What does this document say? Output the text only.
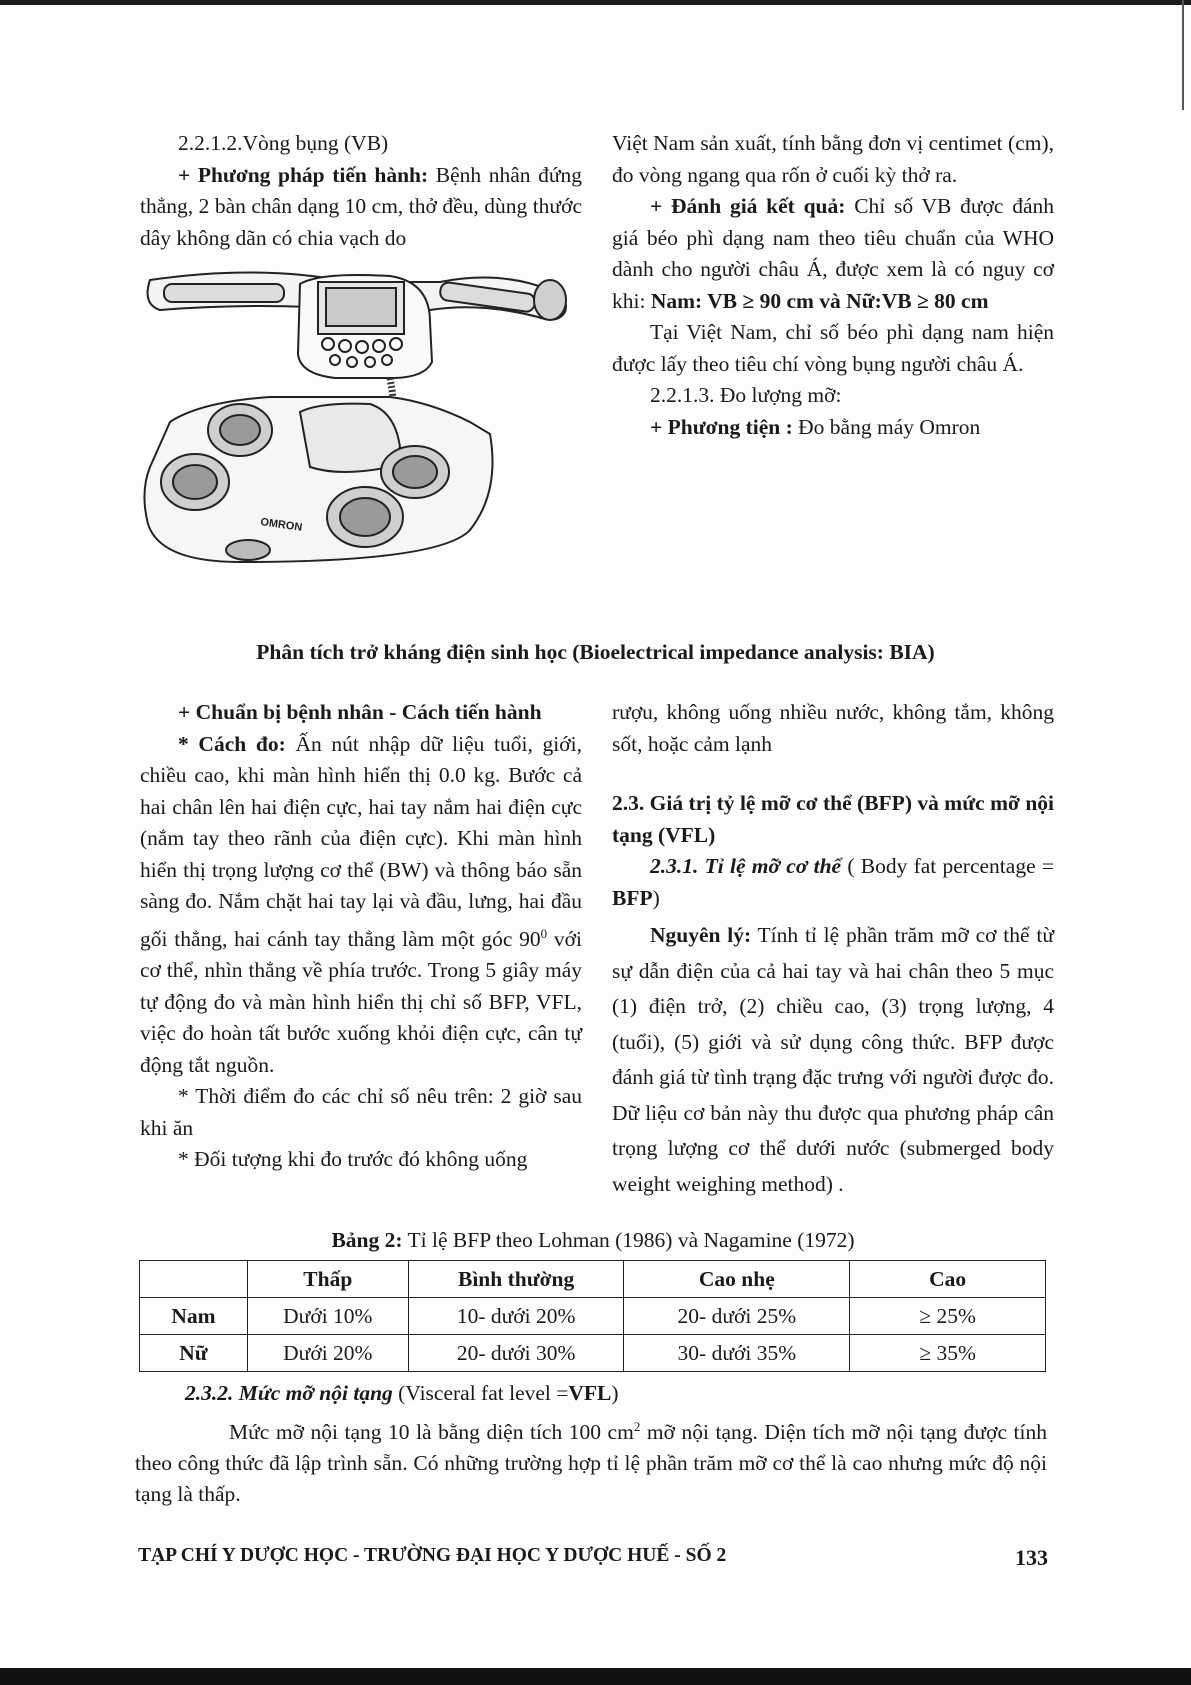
2.2.1.2.Vòng bụng (VB)

+ Phương pháp tiến hành: Bệnh nhân đứng thẳng, 2 bàn chân dạng 10 cm, thở đều, dùng thước dây không dãn có chia vạch do

Việt Nam sản xuất, tính bằng đơn vị centimet (cm), đo vòng ngang qua rốn ở cuối kỳ thở ra.

+ Đánh giá kết quả: Chỉ số VB được đánh giá béo phì dạng nam theo tiêu chuẩn của WHO dành cho người châu Á, được xem là có nguy cơ khi: Nam: VB ≥ 90 cm và Nữ:VB ≥ 80 cm

Tại Việt Nam, chỉ số béo phì dạng nam hiện được lấy theo tiêu chí vòng bụng người châu Á.

2.2.1.3. Đo lượng mỡ:

+ Phương tiện : Đo bằng máy Omron

OMRON
Phân tích trở kháng điện sinh học (Bioelectrical impedance analysis: BIA)

+ Chuẩn bị bệnh nhân - Cách tiến hành

* Cách đo: Ấn nút nhập dữ liệu tuổi, giới, chiều cao, khi màn hình hiển thị 0.0 kg. Bước cả hai chân lên hai điện cực, hai tay nắm hai điện cực (nắm tay theo rãnh của điện cực). Khi màn hình hiển thị trọng lượng cơ thể (BW) và thông báo sẵn sàng đo. Nắm chặt hai tay lại và đầu, lưng, hai đầu gối thẳng, hai cánh tay thẳng làm một góc $90^0$ với cơ thể, nhìn thẳng về phía trước. Trong 5 giây máy tự động đo và màn hình hiển thị chỉ số BFP, VFL, việc đo hoàn tất bước xuống khỏi điện cực, cân tự động tắt nguồn.

* Thời điểm đo các chỉ số nêu trên: 2 giờ sau khi ăn

* Đối tượng khi đo trước đó không uống

rượu, không uống nhiều nước, không tắm, không sốt, hoặc cảm lạnh

2.3. Giá trị tỷ lệ mỡ cơ thể (BFP) và mức mỡ nội tạng (VFL)

2.3.1. Tỉ lệ mỡ cơ thể ( Body fat percentage = BFP)

Nguyên lý: Tính tỉ lệ phần trăm mỡ cơ thể từ sự dẫn điện của cả hai tay và hai chân theo 5 mục (1) điện trở, (2) chiều cao, (3) trọng lượng, 4 (tuổi), (5) giới và sử dụng công thức. BFP được đánh giá từ tình trạng đặc trưng với người được đo. Dữ liệu cơ bản này thu được qua phương pháp cân trọng lượng cơ thể dưới nước (submerged body weight weighing method) .

Bảng 2: Tỉ lệ BFP theo Lohman (1986) và Nagamine (1972)
	Thấp	Bình thường	Cao nhẹ	Cao
Nam	Dưới 10%	10- dưới 20%	20- dưới 25%	≥ 25%
Nữ	Dưới 20%	20- dưới 30%	30- dưới 35%	≥ 35%
2.3.2. Mức mỡ nội tạng (Visceral fat level =VFL)
Mức mỡ nội tạng 10 là bằng diện tích 100 $cm^2$ mỡ nội tạng. Diện tích mỡ nội tạng được tính theo công thức đã lập trình sẵn. Có những trường hợp tỉ lệ phần trăm mỡ cơ thể là cao nhưng mức độ nội tạng là thấp.
TẠP CHÍ Y DƯỢC HỌC - TRƯỜNG ĐẠI HỌC Y DƯỢC HUẾ - SỐ 2	133
